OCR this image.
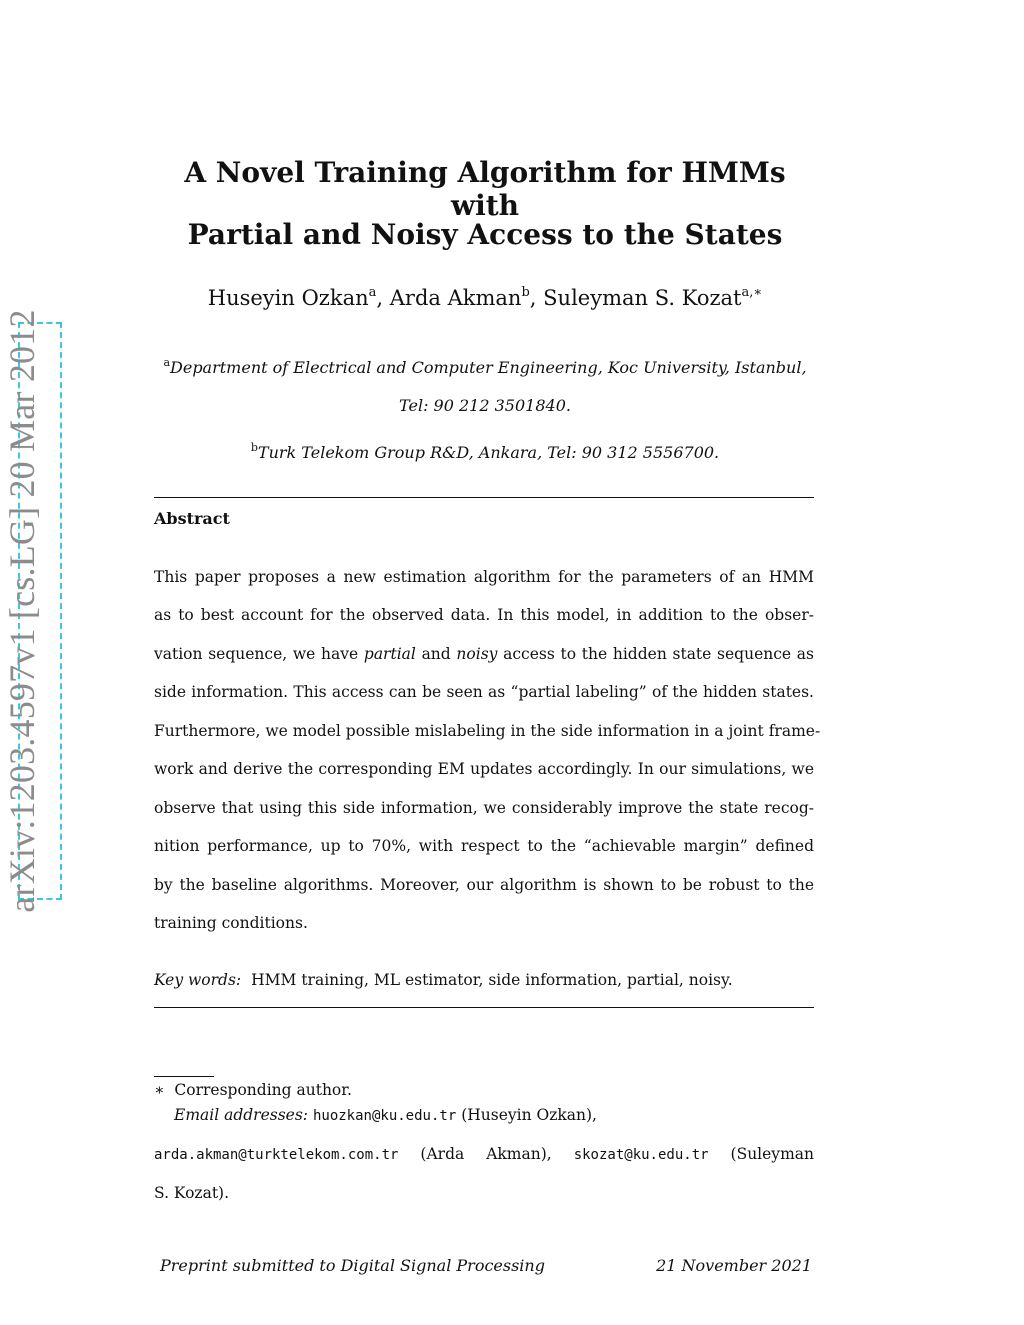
arXiv:1203.4597v1 [cs.LG] 20 Mar 2012
A Novel Training Algorithm for HMMs with
Partial and Noisy Access to the States
Huseyin Ozkan$^a$, Arda Akman$^b$, Suleyman S. Kozat$^{a,∗}$
$^a$Department of Electrical and Computer Engineering, Koc University, Istanbul,
Tel: 90 212 3501840.
$^b$Turk Telekom Group R&D, Ankara, Tel: 90 312 5556700.
Abstract
This paper proposes a new estimation algorithm for the parameters of an HMM
as to best account for the observed data. In this model, in addition to the obser-
vation sequence, we have partial and noisy access to the hidden state sequence as
side information. This access can be seen as “partial labeling” of the hidden states.
Furthermore, we model possible mislabeling in the side information in a joint frame-
work and derive the corresponding EM updates accordingly. In our simulations, we
observe that using this side information, we considerably improve the state recog-
nition performance, up to 70%, with respect to the “achievable margin” defined
by the baseline algorithms. Moreover, our algorithm is shown to be robust to the
training conditions.
Key words: HMM training, ML estimator, side information, partial, noisy.
∗ Corresponding author.
Email addresses: huozkan@ku.edu.tr (Huseyin Ozkan),
arda.akman@turktelekom.com.tr (Arda Akman), skozat@ku.edu.tr (Suleyman
S. Kozat).
Preprint submitted to Digital Signal Processing	21 November 2021
